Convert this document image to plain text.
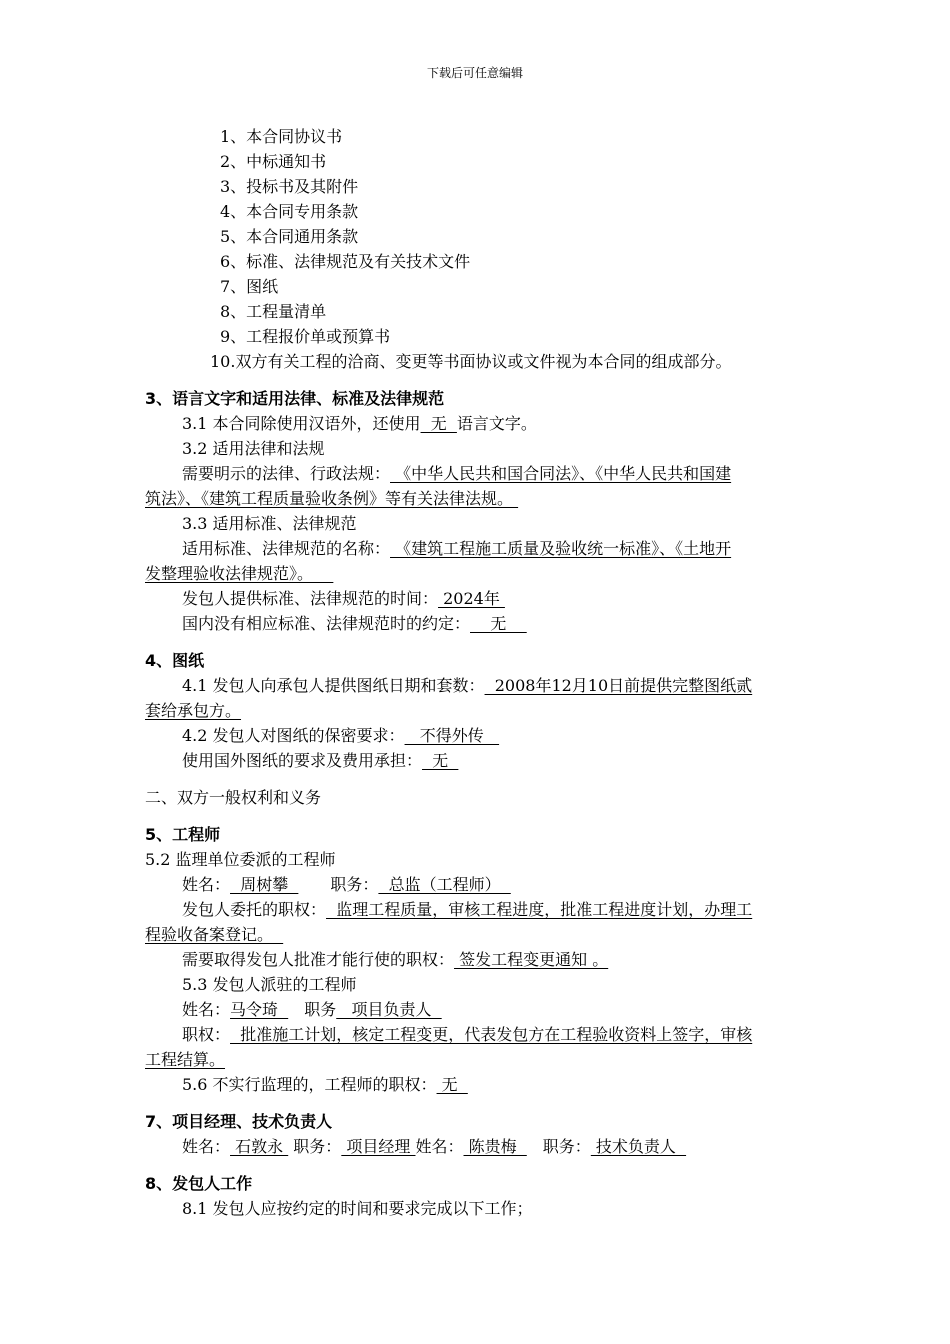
下载后可任意编辑
1、本合同协议书
2、中标通知书
3、投标书及其附件
4、本合同专用条款
5、本合同通用条款
6、标准、法律规范及有关技术文件
7、图纸
8、工程量清单
9、工程报价单或预算书
10.双方有关工程的洽商、变更等书面协议或文件视为本合同的组成部分。
3、语言文字和适用法律、标准及法律规范
3.1 本合同除使用汉语外，还使用  无  语言文字。
3.2 适用法律和法规
需要明示的法律、行政法规： 《中华人民共和国合同法》、《中华人民共和国建
筑法》、《建筑工程质量验收条例》等有关法律法规。
3.3 适用标准、法律规范
适用标准、法律规范的名称： 《建筑工程施工质量及验收统一标准》、《土地开
发整理验收法律规范》。
发包人提供标准、法律规范的时间： 2024年
国内没有相应标准、法律规范时的约定：    无
4、图纸
4.1 发包人向承包人提供图纸日期和套数：  2008年12月10日前提供完整图纸贰
套给承包方。
4.2 发包人对图纸的保密要求：   不得外传
使用国外图纸的要求及费用承担：  无
二、双方一般权利和义务
5、工程师
5.2 监理单位委派的工程师
姓名：  周树攀  　　职务：  总监（工程师）
发包人委托的职权：  监理工程质量，审核工程进度，批准工程进度计划，办理工
程验收备案登记。
需要取得发包人批准才能行使的职权： 签发工程变更通知 。
5.3 发包人派驻的工程师
姓名：马令琦  　职务   项目负责人
职权：  批准施工计划，核定工程变更，代表发包方在工程验收资料上签字，审核
工程结算。
5.6 不实行监理的，工程师的职权： 无
7、项目经理、技术负责人
姓名： 石敦永  职务： 项目经理 姓名： 陈贵梅  　职务： 技术负责人
8、发包人工作
8.1 发包人应按约定的时间和要求完成以下工作；
